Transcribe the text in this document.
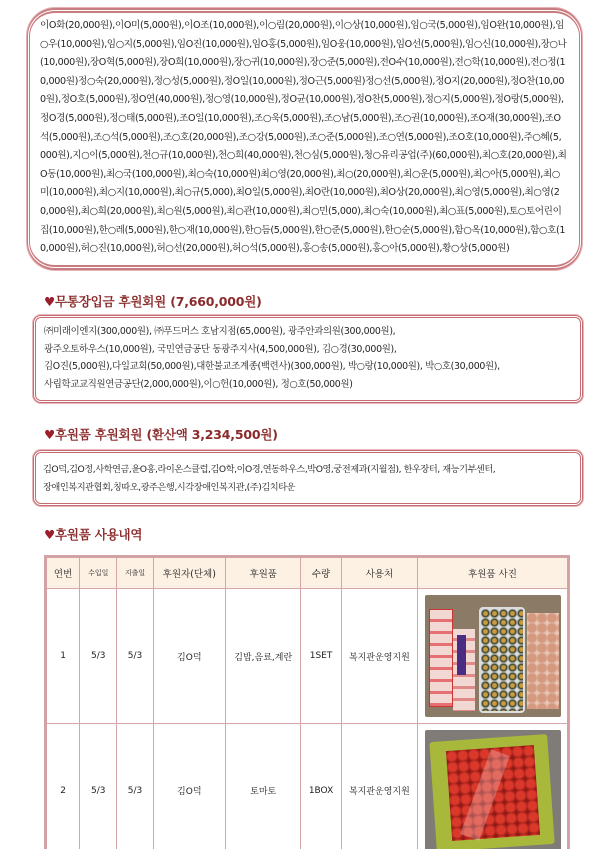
이O화(20,000원),이O미(5,000원),이O조(10,000원),이○림(20,000원),이○상(10,000원),임○국(5,000원),임O완(10,000원),임○우(10,000원),임○지(5,000원),임O진(10,000원),임O홍(5,000원),임O웅(10,000원),임O선(5,000원),임○신(10,000원),장○나(10,000원),장O혁(5,000원),장O희(10,000원),장○귀(10,000원),장○준(5,000원),전O수(10,000원),전○학(10,000원),전○정(10,000원)정○숙(20,000원),정○성(5,000원),정O일(10,000원),정O근(5,000원)정○선(5,000원),정O지(20,000원),정O찬(10,000원),정O호(5,000원),정O연(40,000원),정○영(10,000원),정O균(10,000원),정O찬(5,000원),정○지(5,000원),정O랑(5,000원),정O경(5,000원),정○태(5,000원),조O일(10,000원),조○욱(5,000원),조○남(5,000원),조○권(10,000원),조O재(30,000원),조O석(5,000원),조○석(5,000원),조○호(20,000원),조○강(5,000원),조○준(5,000원),조○연(5,000원),조O호(10,000원),주○혜(5,000원),지○이(5,000원),천○규(10,000원),천○희(40,000원),천○심(5,000원),청○유리공업(주)(60,000원),최○호(20,000원),최O동(10,000원),최○국(100,000원),최○숙(10,000원)최○영(20,000원),최○(20,000원),최○운(5,000원),최○아(5,000원),최○미(10,000원),최○지(10,000원),최○규(5,000),최O일(5,000원),최O란(10,000원),최O상(20,000원),최○영(5,000원),최○영(20,000원),최○희(20,000원),최○원(5,000원),최○관(10,000원),최○민(5,000),최○숙(10,000원),최○표(5,000원),토○토어린이집(10,000원),한○레(5,000원),한○재(10,000원),한○듬(5,000원),한○준(5,000원),한○순(5,000원),함○옥(10,000원),함○호(10,000원),허○진(10,000원),허○선(20,000원),허○석(5,000원),홍○송(5,000원),홍○아(5,000원),황○상(5,000원)

♥무통장입금 후원회원 (7,660,000원)

㈜미래이엔지(300,000원), ㈜푸드머스 호남지점(65,000원), 광주안과의원(300,000원),

광주오토하우스(10,000원), 국민연금공단 동광주지사(4,500,000원), 김○경(30,000원),

김O진(5,000원),다일교회(50,000원),대한불교조계종(백련사)(300,000원), 박○랑(10,000원), 박○호(30,000원),

사립학교교직원연금공단(2,000,000원),이○헌(10,000원), 정○호(50,000원)

♥후원품 후원회원 (환산액 3,234,500원)

김O덕,김O정,사학연금,윤O홍,라이온스클럽,김O학,이O경,연동하우스,박O영,궁전제과(지월점), 한우장터, 재능기부센터,

장애인복지관협회,칭따오,광주은행,시각장애인복지관,(주)김치타운

♥후원품 사용내역
연번	수입일	지출일	후원자(단체)	후원품	수량	사용처	후원품 사진
1	5/3	5/3	김O덕	김밥,음료,계란	1SET	복지관운영지원	

2	5/3	5/3	김O덕	토마토	1BOX	복지관운영지원	
